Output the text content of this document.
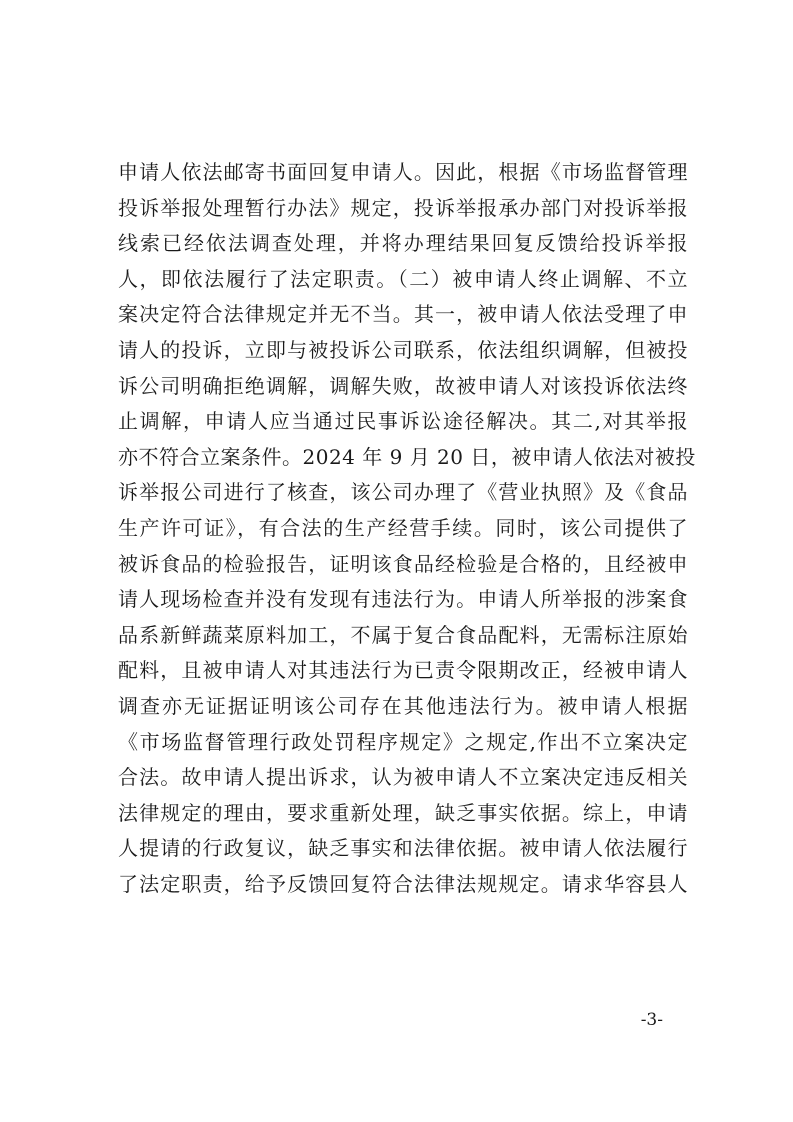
申请人依法邮寄书面回复申请人。因此，根据《市场监督管理
投诉举报处理暂行办法》规定，投诉举报承办部门对投诉举报
线索已经依法调查处理，并将办理结果回复反馈给投诉举报
人，即依法履行了法定职责。（二）被申请人终止调解、不立
案决定符合法律规定并无不当。其一，被申请人依法受理了申
请人的投诉，立即与被投诉公司联系，依法组织调解，但被投
诉公司明确拒绝调解，调解失败，故被申请人对该投诉依法终
止调解，申请人应当通过民事诉讼途径解决。其二,对其举报
亦不符合立案条件。2024 年 9 月 20 日，被申请人依法对被投
诉举报公司进行了核查，该公司办理了《营业执照》及《食品
生产许可证》，有合法的生产经营手续。同时，该公司提供了
被诉食品的检验报告，证明该食品经检验是合格的，且经被申
请人现场检查并没有发现有违法行为。申请人所举报的涉案食
品系新鲜蔬菜原料加工，不属于复合食品配料，无需标注原始
配料，且被申请人对其违法行为已责令限期改正，经被申请人
调查亦无证据证明该公司存在其他违法行为。被申请人根据
《市场监督管理行政处罚程序规定》之规定,作出不立案决定
合法。故申请人提出诉求，认为被申请人不立案决定违反相关
法律规定的理由，要求重新处理，缺乏事实依据。综上，申请
人提请的行政复议，缺乏事实和法律依据。被申请人依法履行
了法定职责，给予反馈回复符合法律法规规定。请求华容县人
-3-
